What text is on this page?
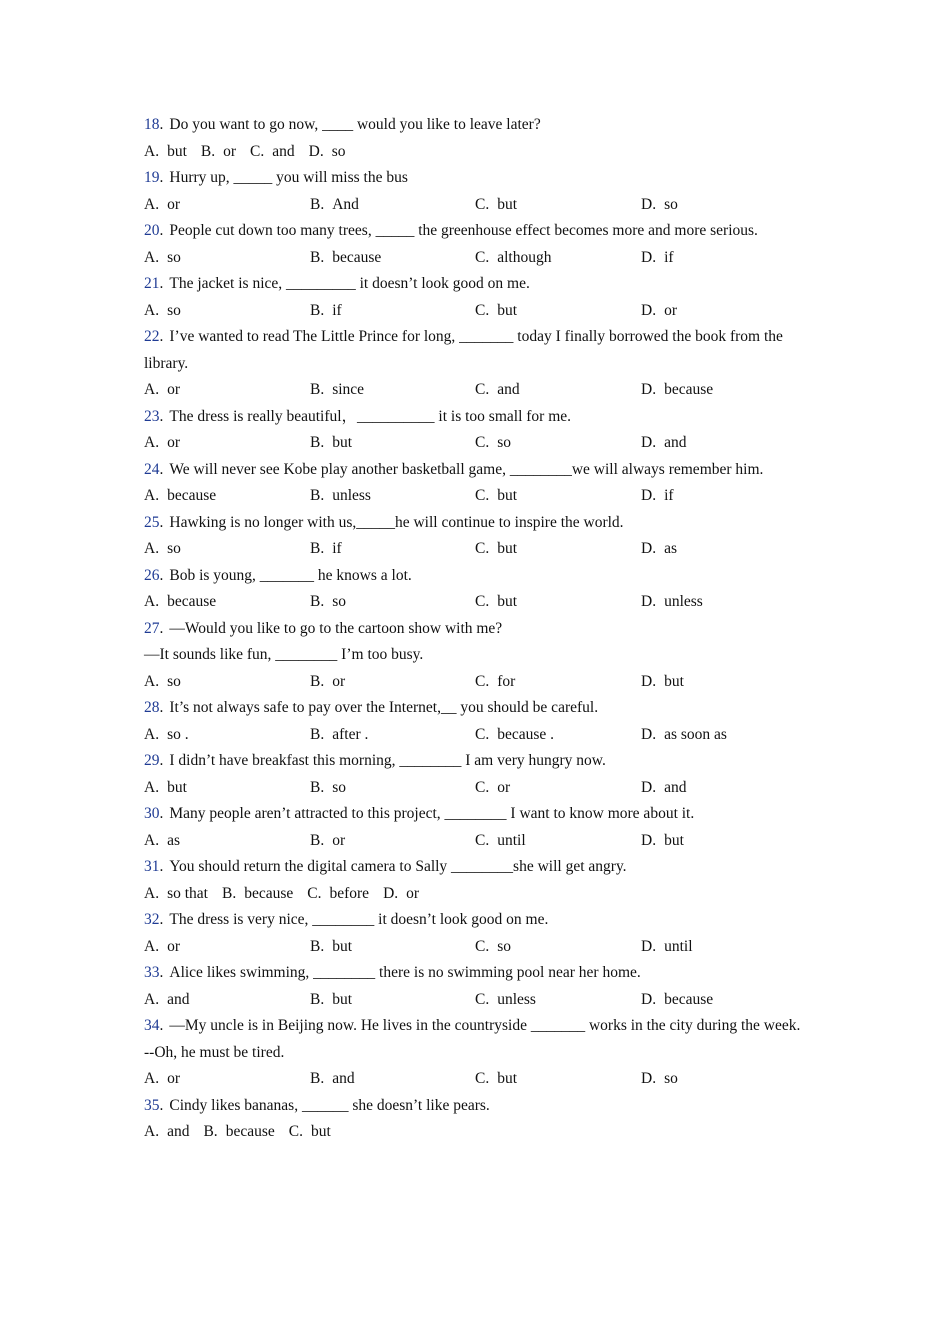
18. Do you want to go now, ____ would you like to leave later?
A. but B. or C. and D. so
19. Hurry up, _____ you will miss the bus
A. or	B. And	C. but	D. so
20. People cut down too many trees, _____ the greenhouse effect becomes more and more serious.
A. so	B. because	C. although	D. if
21. The jacket is nice, _________ it doesn’t look good on me.
A. so	B. if	C. but	D. or
22. I’ve wanted to read The Little Prince for long, _______ today I finally borrowed the book from the library.
A. or	B. since	C. and	D. because
23. The dress is really beautiful，__________ it is too small for me.
A. or	B. but	C. so	D. and
24. We will never see Kobe play another basketball game, ________we will always remember him.
A. because	B. unless	C. but	D. if
25. Hawking is no longer with us,_____he will continue to inspire the world.
A. so	B. if	C. but	D. as
26. Bob is young, _______ he knows a lot.
A. because	B. so	C. but	D. unless
27. —Would you like to go to the cartoon show with me?
—It sounds like fun, ________ I’m too busy.
A. so	B. or	C. for	D. but
28. It’s not always safe to pay over the Internet,__ you should be careful.
A. so .	B. after .	C. because .	D. as soon as
29. I didn’t have breakfast this morning, ________ I am very hungry now.
A. but	B. so	C. or	D. and
30. Many people aren’t attracted to this project, ________ I want to know more about it.
A. as	B. or	C. until	D. but
31. You should return the digital camera to Sally ________she will get angry.
A. so that B. because C. before D. or
32. The dress is very nice, ________ it doesn’t look good on me.
A. or	B. but	C. so	D. until
33. Alice likes swimming, ________ there is no swimming pool near her home.
A. and	B. but	C. unless	D. because
34. —My uncle is in Beijing now. He lives in the countryside _______ works in the city during the week.
--Oh, he must be tired.
A. or	B. and	C. but	D. so
35. Cindy likes bananas, ______ she doesn’t like pears.
A. and B. because C. but
